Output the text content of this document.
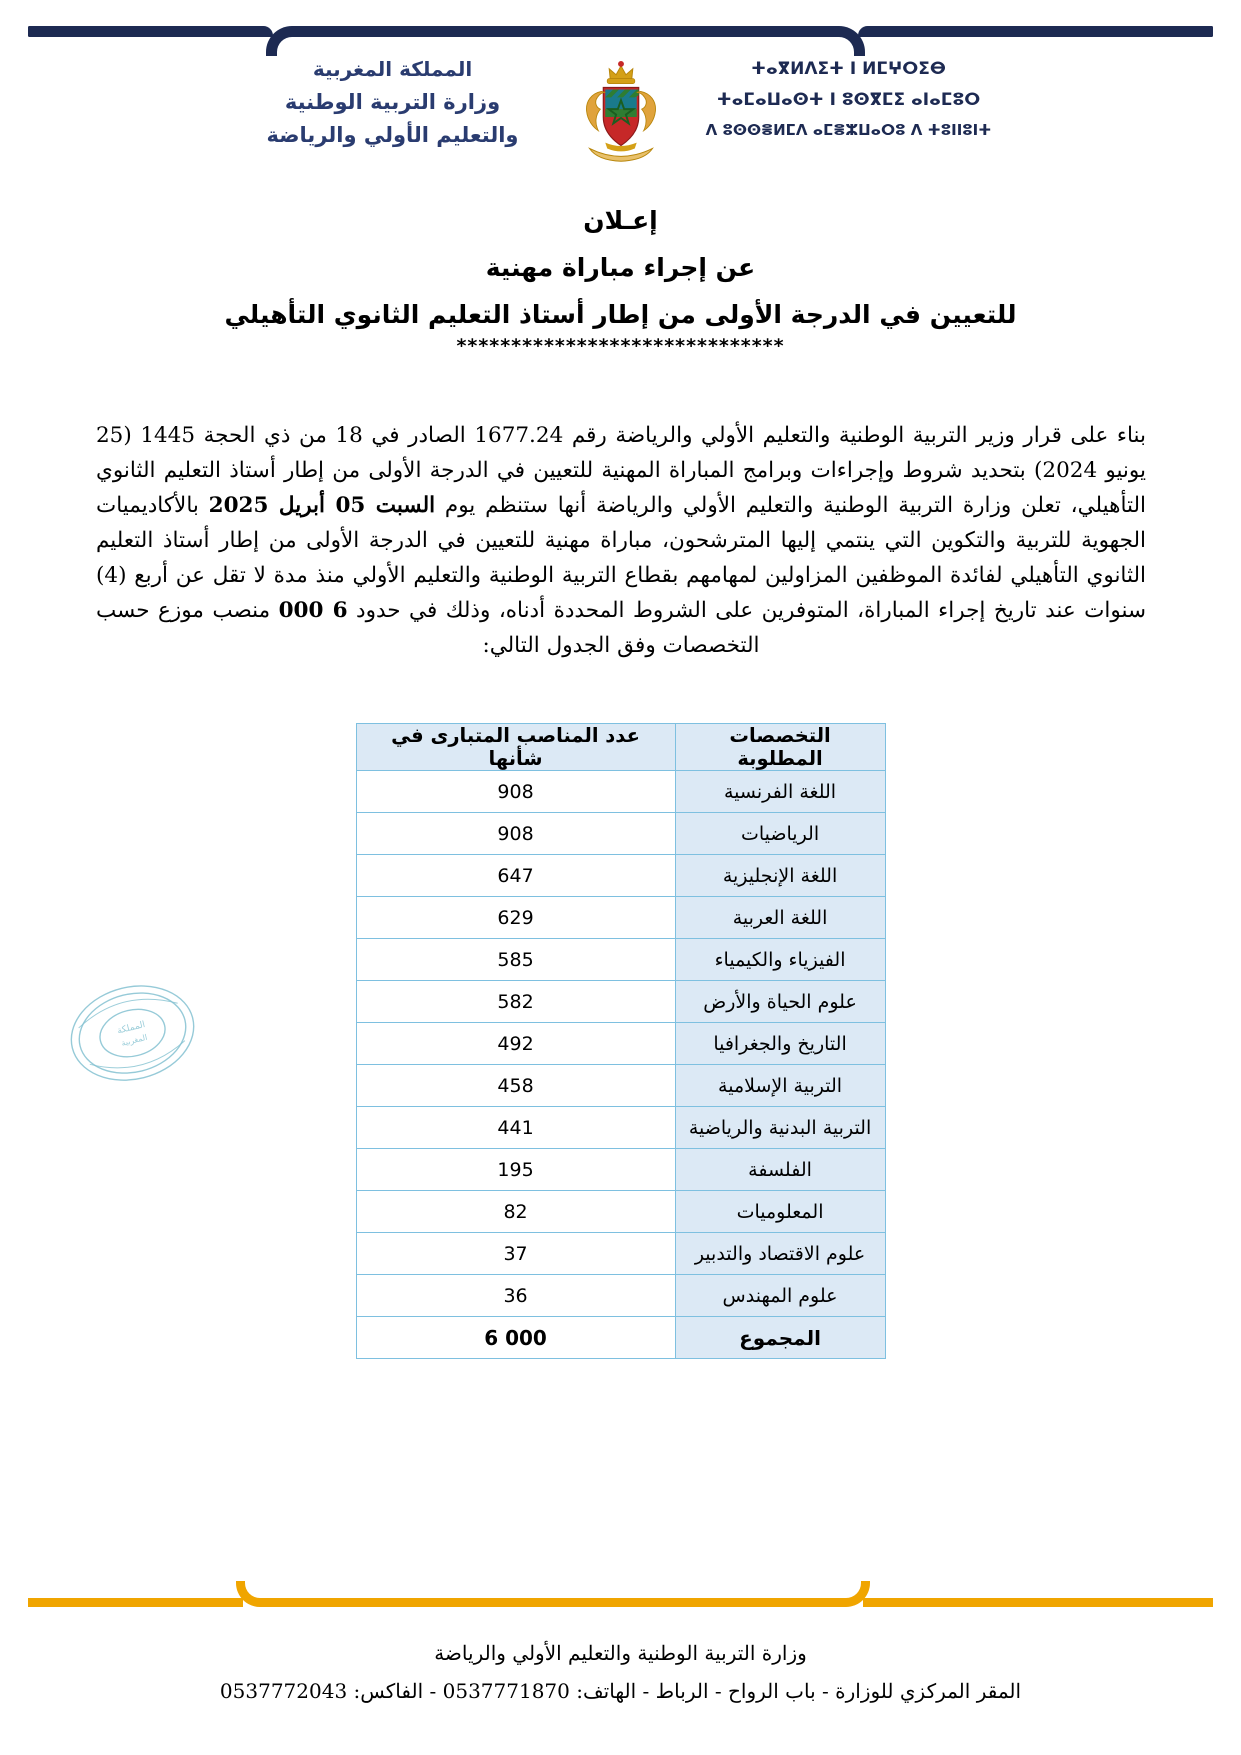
المملكة المغربية
وزارة التربية الوطنية
والتعليم الأولي والرياضة
ⵜⴰⴳⵍⴷⵉⵜ ⵏ ⵍⵎⵖⵔⵉⴱ
ⵜⴰⵎⴰⵡⴰⵙⵜ ⵏ ⵓⵙⴳⵎⵉ ⴰⵏⴰⵎⵓⵔ
ⴷ ⵓⵙⵙⴻⵍⵎⴷ ⴰⵎⴻⵣⵡⴰⵔⵓ ⴷ ⵜⵓⵏⵏⵓⵏⵜ
إعـلان
عن إجراء مباراة مهنية
للتعيين في الدرجة الأولى من إطار أستاذ التعليم الثانوي التأهيلي
******************************
بناء على قرار وزير التربية الوطنية والتعليم الأولي والرياضة رقم 1677.24 الصادر في 18 من ذي الحجة 1445 (25 يونيو 2024) بتحديد شروط وإجراءات وبرامج المباراة المهنية للتعيين في الدرجة الأولى من إطار أستاذ التعليم الثانوي التأهيلي، تعلن وزارة التربية الوطنية والتعليم الأولي والرياضة أنها ستنظم يوم السبت 05 أبريل 2025 بالأكاديميات الجهوية للتربية والتكوين التي ينتمي إليها المترشحون، مباراة مهنية للتعيين في الدرجة الأولى من إطار أستاذ التعليم الثانوي التأهيلي لفائدة الموظفين المزاولين لمهامهم بقطاع التربية الوطنية والتعليم الأولي منذ مدة لا تقل عن أربع (4) سنوات عند تاريخ إجراء المباراة، المتوفرين على الشروط المحددة أدناه، وذلك في حدود 6 000 منصب موزع حسب التخصصات وفق الجدول التالي:
المملكة
المغربية
التخصصات المطلوبة	عدد المناصب المتبارى في شأنها
اللغة الفرنسية	908
الرياضيات	908
اللغة الإنجليزية	647
اللغة العربية	629
الفيزياء والكيمياء	585
علوم الحياة والأرض	582
التاريخ والجغرافيا	492
التربية الإسلامية	458
التربية البدنية والرياضية	441
الفلسفة	195
المعلوميات	82
علوم الاقتصاد والتدبير	37
علوم المهندس	36
المجموع	6 000
وزارة التربية الوطنية والتعليم الأولي والرياضة
المقر المركزي للوزارة - باب الرواح - الرباط - الهاتف: 0537771870 - الفاكس: 0537772043
